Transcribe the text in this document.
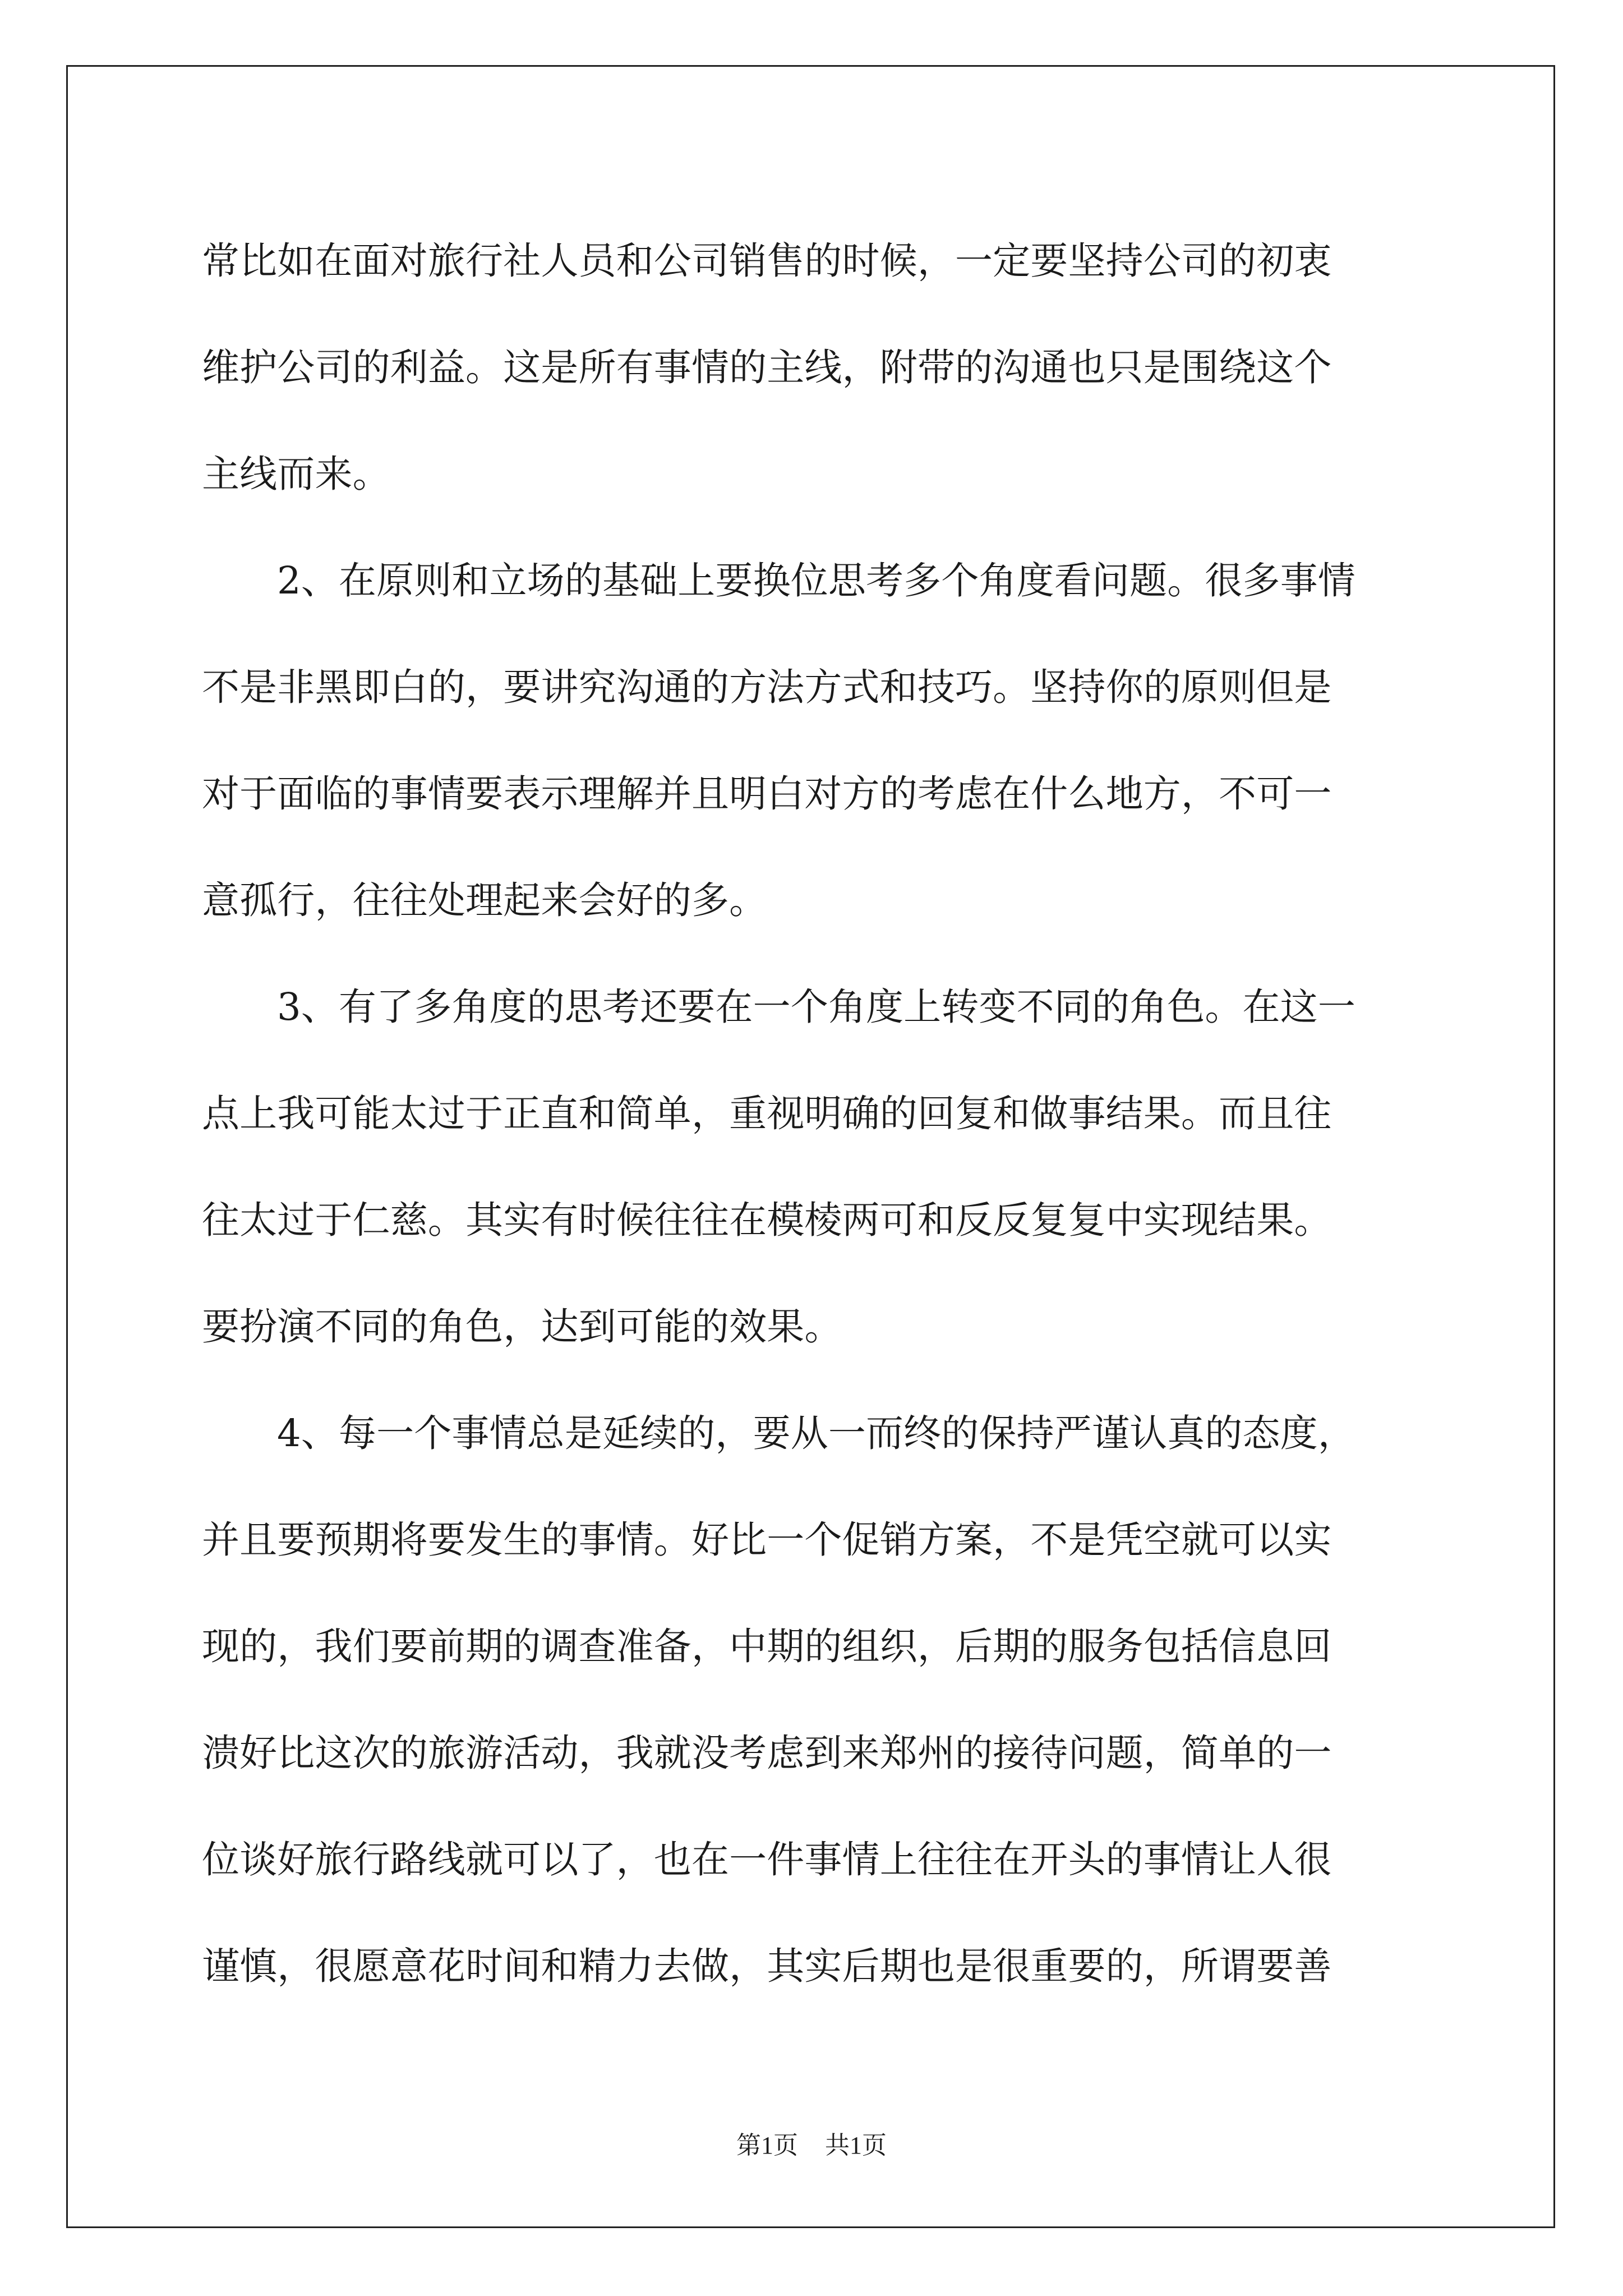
常比如在面对旅行社人员和公司销售的时候，一定要坚持公司的初衷
维护公司的利益。这是所有事情的主线，附带的沟通也只是围绕这个
主线而来。
2、在原则和立场的基础上要换位思考多个角度看问题。很多事情
不是非黑即白的，要讲究沟通的方法方式和技巧。坚持你的原则但是
对于面临的事情要表示理解并且明白对方的考虑在什么地方，不可一
意孤行，往往处理起来会好的多。
3、有了多角度的思考还要在一个角度上转变不同的角色。在这一
点上我可能太过于正直和简单，重视明确的回复和做事结果。而且往
往太过于仁慈。其实有时候往往在模棱两可和反反复复中实现结果。
要扮演不同的角色，达到可能的效果。
4、每一个事情总是延续的，要从一而终的保持严谨认真的态度，
并且要预期将要发生的事情。好比一个促销方案，不是凭空就可以实
现的，我们要前期的调查准备，中期的组织，后期的服务包括信息回
溃好比这次的旅游活动，我就没考虑到来郑州的接待问题，简单的一
位谈好旅行路线就可以了，也在一件事情上往往在开头的事情让人很
谨慎，很愿意花时间和精力去做，其实后期也是很重要的，所谓要善
第1页 共1页
